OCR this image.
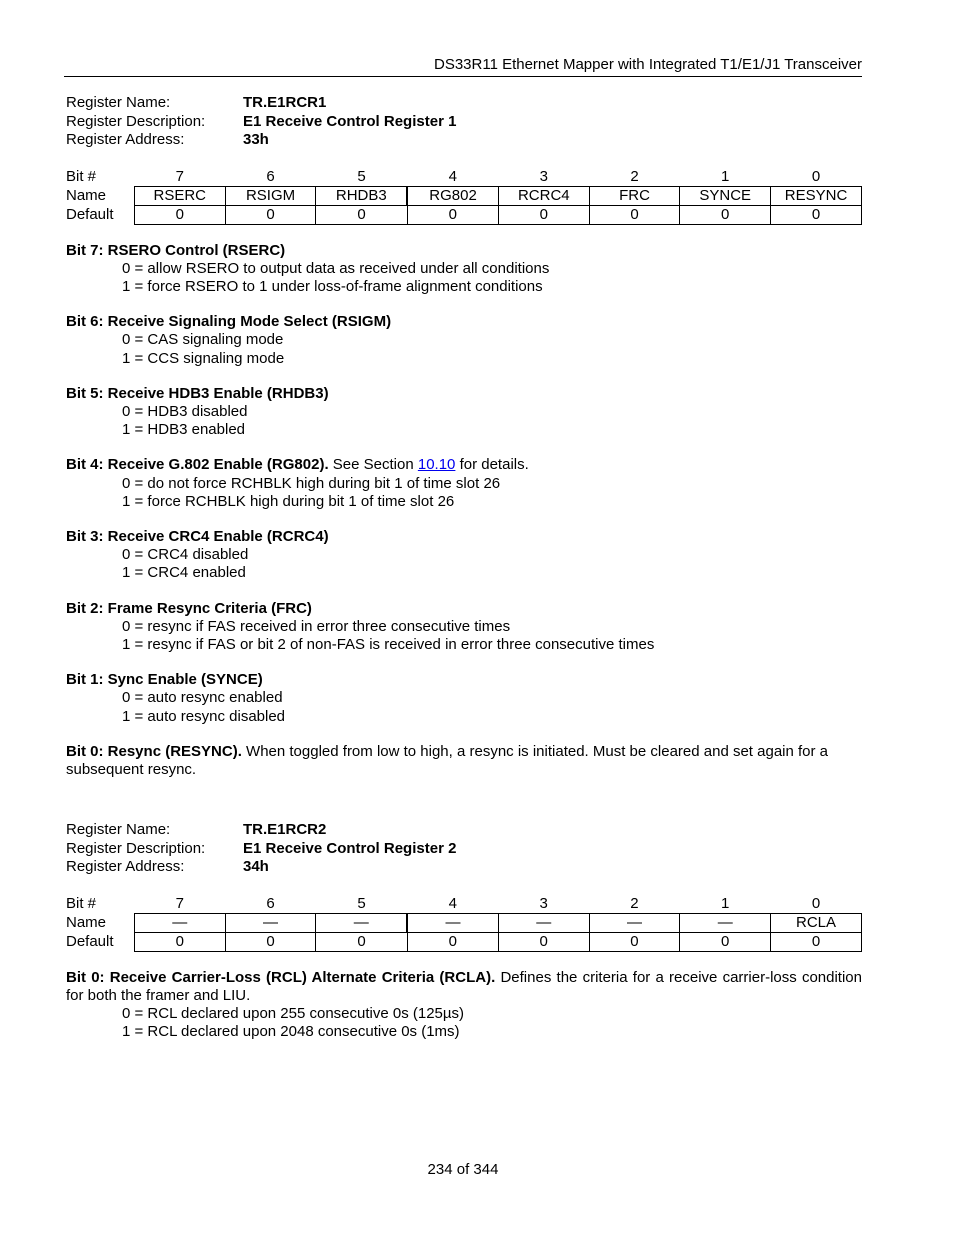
DS33R11 Ethernet Mapper with Integrated T1/E1/J1 Transceiver
Register Name:	TR.E1RCR1
Register Description:	E1 Receive Control Register 1
Register Address:	33h
Bit #	7	6	5	4	3	2	1	0
Name	RSERC	RSIGM	RHDB3	RG802	RCRC4	FRC	SYNCE	RESYNC
Default	0	0	0	0	0	0	0	0
Bit 7: RSERO Control (RSERC)
0 = allow RSERO to output data as received under all conditions
1 = force RSERO to 1 under loss-of-frame alignment conditions
Bit 6: Receive Signaling Mode Select (RSIGM)
0 = CAS signaling mode
1 = CCS signaling mode
Bit 5: Receive HDB3 Enable (RHDB3)
0 = HDB3 disabled
1 = HDB3 enabled
Bit 4: Receive G.802 Enable (RG802). See Section 10.10 for details.
0 = do not force RCHBLK high during bit 1 of time slot 26
1 = force RCHBLK high during bit 1 of time slot 26
Bit 3: Receive CRC4 Enable (RCRC4)
0 = CRC4 disabled
1 = CRC4 enabled
Bit 2: Frame Resync Criteria (FRC)
0 = resync if FAS received in error three consecutive times
1 = resync if FAS or bit 2 of non-FAS is received in error three consecutive times
Bit 1: Sync Enable (SYNCE)
0 = auto resync enabled
1 = auto resync disabled
Bit 0: Resync (RESYNC). When toggled from low to high, a resync is initiated. Must be cleared and set again for a subsequent resync.
Register Name:	TR.E1RCR2
Register Description:	E1 Receive Control Register 2
Register Address:	34h
Bit #	7	6	5	4	3	2	1	0
Name	—	—	—	—	—	—	—	RCLA
Default	0	0	0	0	0	0	0	0
Bit 0: Receive Carrier-Loss (RCL) Alternate Criteria (RCLA). Defines the criteria for a receive carrier-loss condition for both the framer and LIU.
0 = RCL declared upon 255 consecutive 0s (125µs)
1 = RCL declared upon 2048 consecutive 0s (1ms)
234 of 344
